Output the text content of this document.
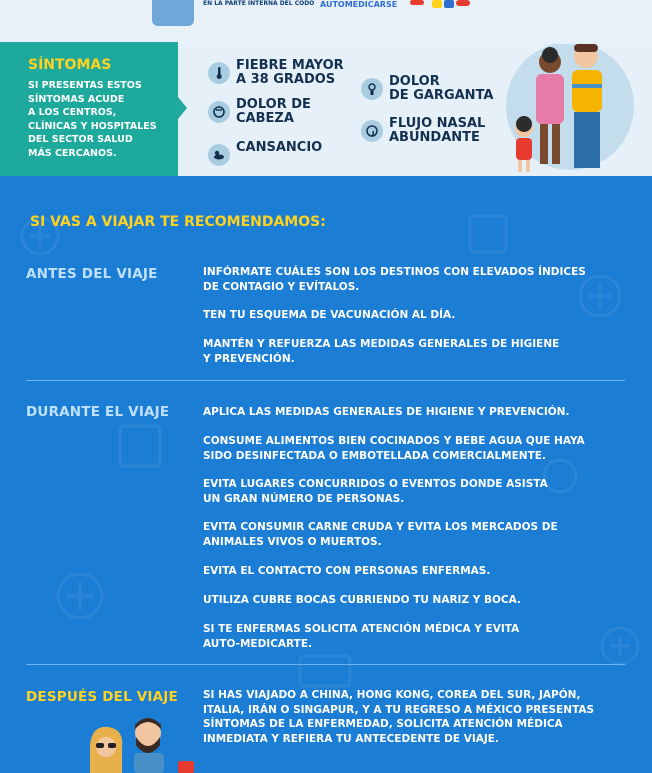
EN LA PARTE INTERNA DEL CODO AUTOMEDICARSE
SÍNTOMAS
SI PRESENTAS ESTOS
SÍNTOMAS ACUDE
A LOS CENTROS,
CLÍNICAS Y HOSPITALES
DEL SECTOR SALUD
MÁS CERCANOS.
FIEBRE MAYOR
A 38 GRADOS
DOLOR DE
CABEZA
CANSANCIO
DOLOR
DE GARGANTA
FLUJO NASAL
ABUNDANTE
SI VAS A VIAJAR TE RECOMENDAMOS:
ANTES DEL VIAJE	INFÓRMATE CUÁLES SON LOS DESTINOS CON ELEVADOS ÍNDICES
DE CONTAGIO Y EVÍTALOS.
TEN TU ESQUEMA DE VACUNACIÓN AL DÍA.
MANTÉN Y REFUERZA LAS MEDIDAS GENERALES DE HIGIENE
Y PREVENCIÓN.
DURANTE EL VIAJE	APLICA LAS MEDIDAS GENERALES DE HIGIENE Y PREVENCIÓN.
CONSUME ALIMENTOS BIEN COCINADOS Y BEBE AGUA QUE HAYA
SIDO DESINFECTADA O EMBOTELLADA COMERCIALMENTE.
EVITA LUGARES CONCURRIDOS O EVENTOS DONDE ASISTA
UN GRAN NÚMERO DE PERSONAS.
EVITA CONSUMIR CARNE CRUDA Y EVITA LOS MERCADOS DE
ANIMALES VIVOS O MUERTOS.
EVITA EL CONTACTO CON PERSONAS ENFERMAS.
UTILIZA CUBRE BOCAS CUBRIENDO TU NARIZ Y BOCA.
SI TE ENFERMAS SOLICITA ATENCIÓN MÉDICA Y EVITA
AUTO-MEDICARTE.
DESPUÉS DEL VIAJE SI HAS VIAJADO A CHINA, HONG KONG, COREA DEL SUR, JAPÓN,
ITALIA, IRÁN O SINGAPUR, Y A TU REGRESO A MÉXICO PRESENTAS
SÍNTOMAS DE LA ENFERMEDAD, SOLICITA ATENCIÓN MÉDICA
INMEDIATA Y REFIERA TU ANTECEDENTE DE VIAJE.
